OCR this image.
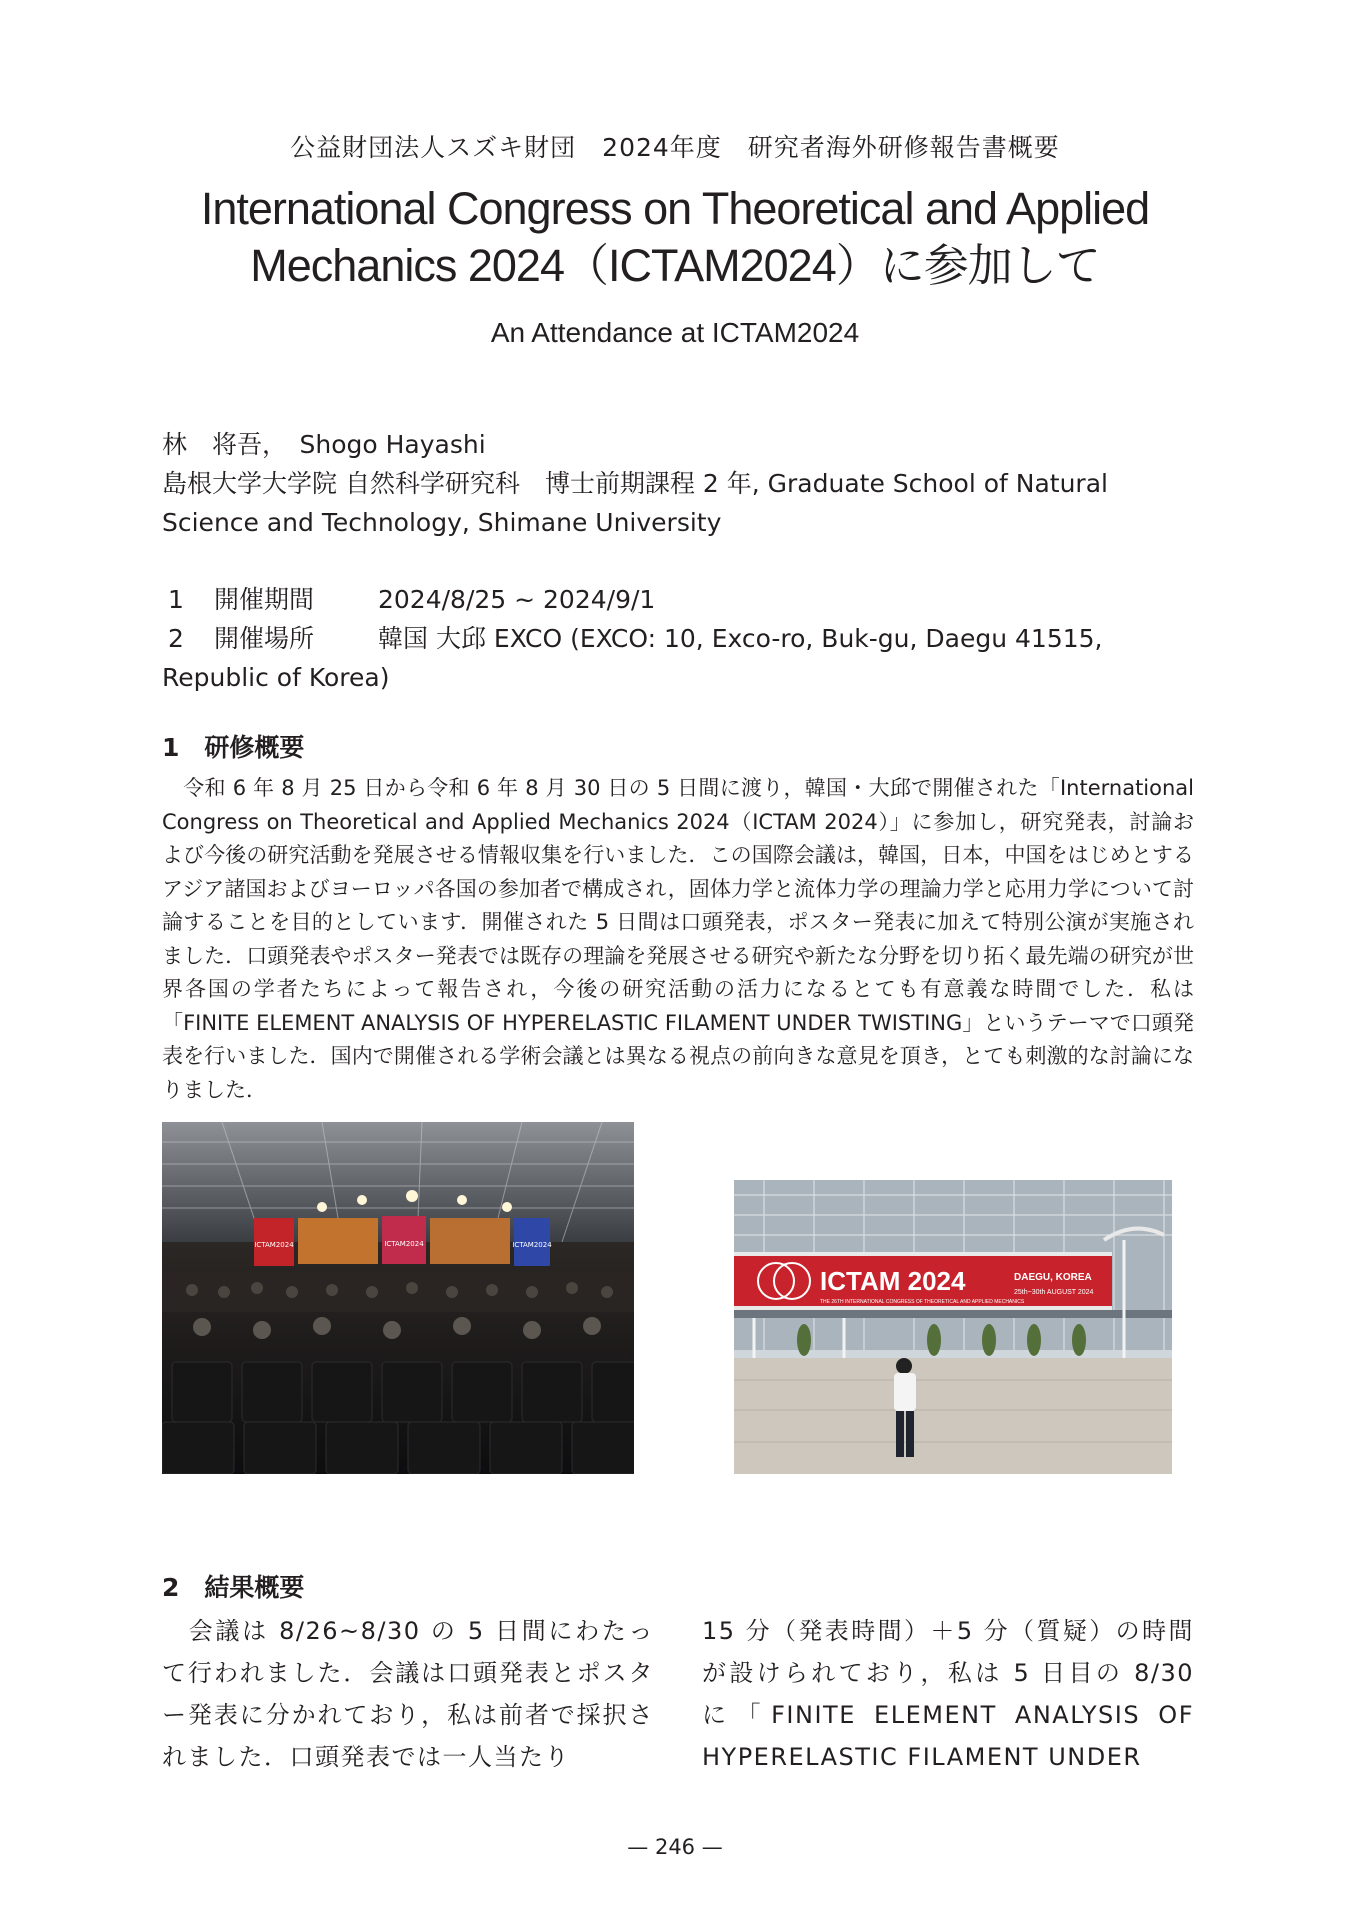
公益財団法人スズキ財団　2024年度　研究者海外研修報告書概要
International Congress on Theoretical and Applied
Mechanics 2024（ICTAM2024）に参加して
An Attendance at ICTAM2024
林　将吾，　Shogo Hayashi
島根大学大学院 自然科学研究科　博士前期課程 2 年, Graduate School of Natural
Science and Technology, Shimane University
1 開催期間	2024/8/25 ~ 2024/9/1
2 開催場所	韓国 大邱 EXCO (EXCO: 10, Exco-ro, Buk-gu, Daegu 41515,
Republic of Korea)
1　研修概要
　令和 6 年 8 月 25 日から令和 6 年 8 月 30 日の 5 日間に渡り，韓国・大邱で開催された「International Congress on Theoretical and Applied Mechanics 2024（ICTAM 2024）」に参加し，研究発表，討論および今後の研究活動を発展させる情報収集を行いました．この国際会議は，韓国，日本，中国をはじめとするアジア諸国およびヨーロッパ各国の参加者で構成され，固体力学と流体力学の理論力学と応用力学について討論することを目的としています．開催された 5 日間は口頭発表，ポスター発表に加えて特別公演が実施されました．口頭発表やポスター発表では既存の理論を発展させる研究や新たな分野を切り拓く最先端の研究が世界各国の学者たちによって報告され，今後の研究活動の活力になるとても有意義な時間でした．私は「FINITE ELEMENT ANALYSIS OF HYPERELASTIC FILAMENT UNDER TWISTING」というテーマで口頭発表を行いました．国内で開催される学術会議とは異なる視点の前向きな意見を頂き，とても刺激的な討論になりました．
ICTAM2024	ICTAM2024	ICTAM2024
ICTAM 2024
THE 26TH INTERNATIONAL CONGRESS OF THEORETICAL AND APPLIED MECHANICS
DAEGU, KOREA
25th~30th AUGUST 2024
2　結果概要
　会議は 8/26~8/30 の 5 日間にわたって行われました．会議は口頭発表とポスター発表に分かれており，私は前者で採択されました．口頭発表では一人当たり
15 分（発表時間）＋5 分（質疑）の時間が設けられており，私は 5 日目の 8/30 に「FINITE ELEMENT ANALYSIS OF HYPERELASTIC FILAMENT UNDER
— 246 —
